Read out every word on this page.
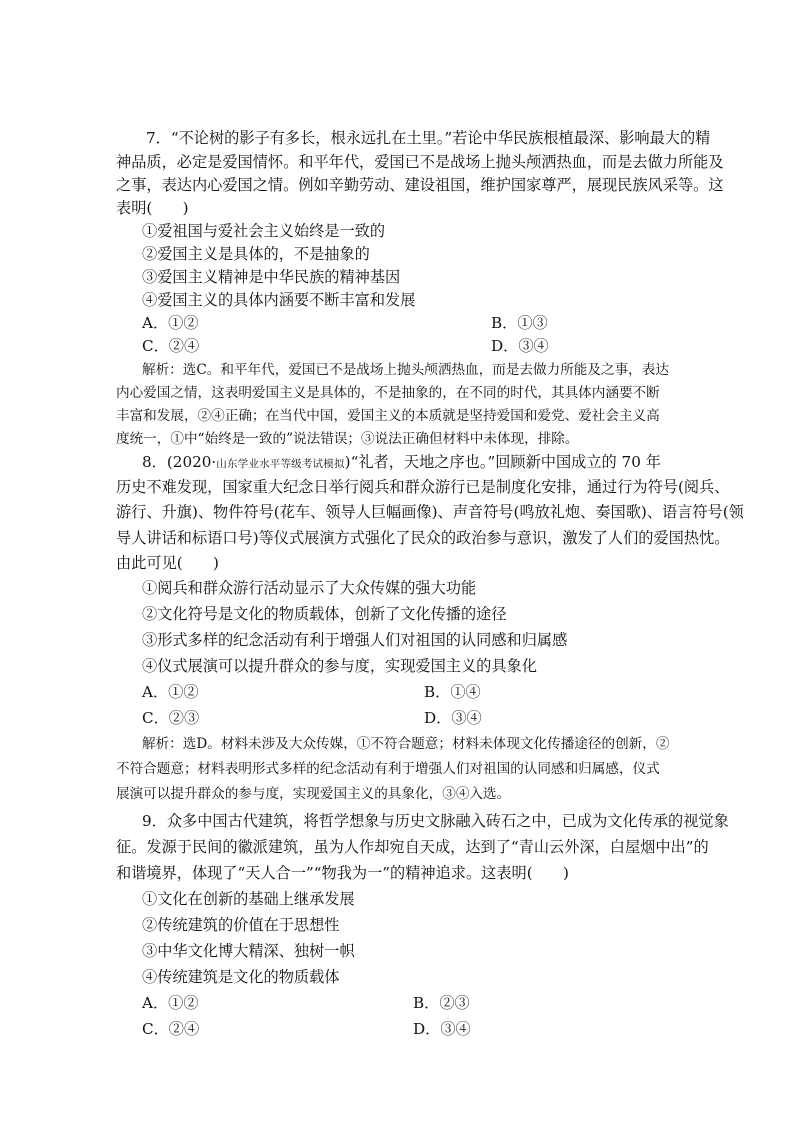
7．“不论树的影子有多长，根永远扎在土里。”若论中华民族根植最深、影响最大的精
神品质，必定是爱国情怀。和平年代，爱国已不是战场上抛头颅洒热血，而是去做力所能及
之事，表达内心爱国之情。例如辛勤劳动、建设祖国，维护国家尊严，展现民族风采等。这
表明(　　)
①爱祖国与爱社会主义始终是一致的
②爱国主义是具体的，不是抽象的
③爱国主义精神是中华民族的精神基因
④爱国主义的具体内涵要不断丰富和发展
A．①②	B．①③
C．②④	D．③④
解析：选C。和平年代，爱国已不是战场上抛头颅洒热血，而是去做力所能及之事，表达
内心爱国之情，这表明爱国主义是具体的，不是抽象的，在不同的时代，其具体内涵要不断
丰富和发展，②④正确；在当代中国，爱国主义的本质就是坚持爱国和爱党、爱社会主义高
度统一，①中“始终是一致的”说法错误；③说法正确但材料中未体现，排除。
8．(2020·山东学业水平等级考试模拟)“礼者，天地之序也。”回顾新中国成立的 70 年
历史不难发现，国家重大纪念日举行阅兵和群众游行已是制度化安排，通过行为符号(阅兵、
游行、升旗)、物件符号(花车、领导人巨幅画像)、声音符号(鸣放礼炮、奏国歌)、语言符号(领
导人讲话和标语口号)等仪式展演方式强化了民众的政治参与意识，激发了人们的爱国热忱。
由此可见(　　)
①阅兵和群众游行活动显示了大众传媒的强大功能
②文化符号是文化的物质载体，创新了文化传播的途径
③形式多样的纪念活动有利于增强人们对祖国的认同感和归属感
④仪式展演可以提升群众的参与度，实现爱国主义的具象化
A．①②	B．①④
C．②③	D．③④
解析：选D。材料未涉及大众传媒，①不符合题意；材料未体现文化传播途径的创新，②
不符合题意；材料表明形式多样的纪念活动有利于增强人们对祖国的认同感和归属感，仪式
展演可以提升群众的参与度，实现爱国主义的具象化，③④入选。
9．众多中国古代建筑，将哲学想象与历史文脉融入砖石之中，已成为文化传承的视觉象
征。发源于民间的徽派建筑，虽为人作却宛自天成，达到了“青山云外深，白屋烟中出”的
和谐境界，体现了“天人合一”“物我为一”的精神追求。这表明(　　)
①文化在创新的基础上继承发展
②传统建筑的价值在于思想性
③中华文化博大精深、独树一帜
④传统建筑是文化的物质载体
A．①②	B．②③
C．②④	D．③④
